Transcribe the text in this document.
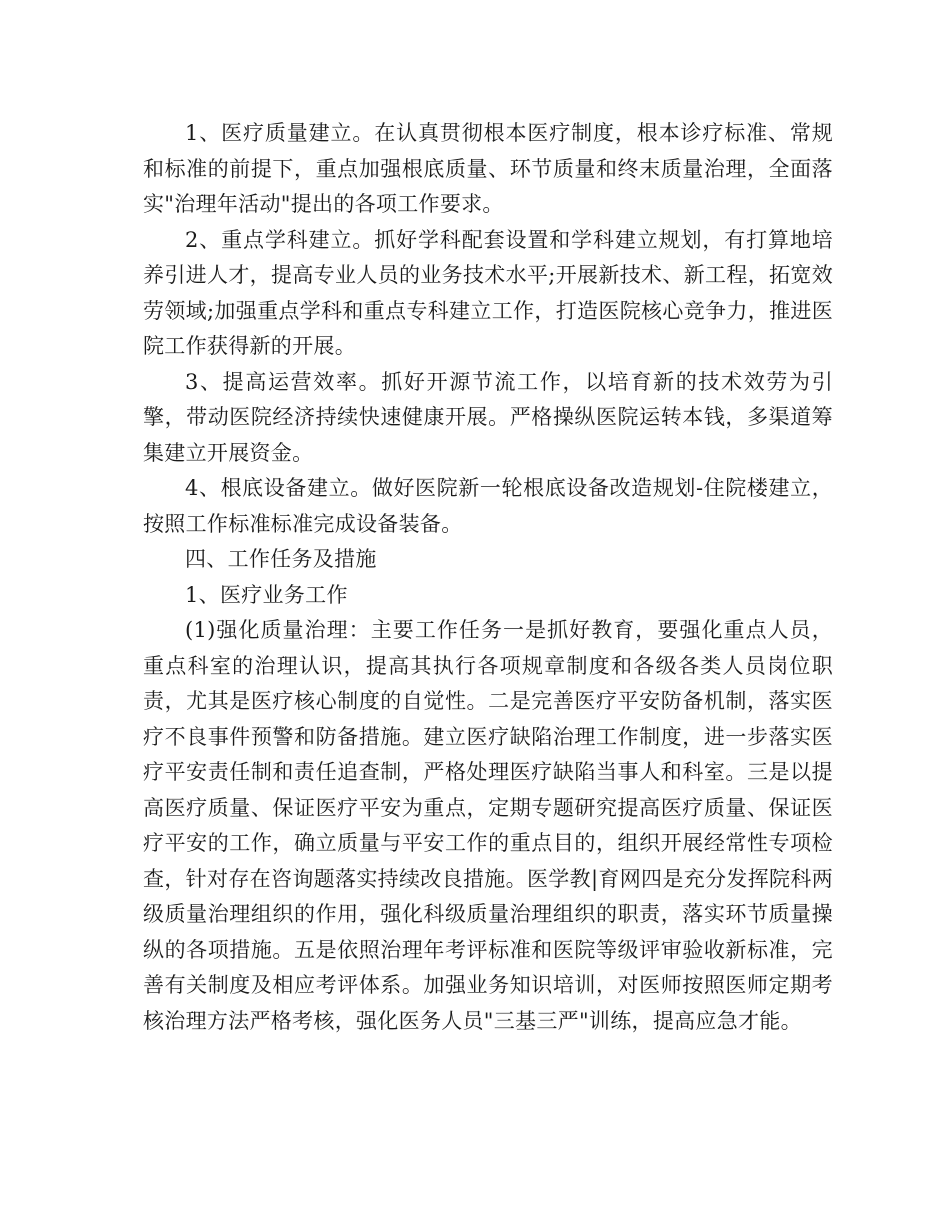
1、医疗质量建立。在认真贯彻根本医疗制度，根本诊疗标准、常规和标准的前提下，重点加强根底质量、环节质量和终末质量治理，全面落实"治理年活动"提出的各项工作要求。

2、重点学科建立。抓好学科配套设置和学科建立规划，有打算地培养引进人才，提高专业人员的业务技术水平;开展新技术、新工程，拓宽效劳领域;加强重点学科和重点专科建立工作，打造医院核心竞争力，推进医院工作获得新的开展。

3、提高运营效率。抓好开源节流工作，以培育新的技术效劳为引擎，带动医院经济持续快速健康开展。严格操纵医院运转本钱，多渠道筹集建立开展资金。

4、根底设备建立。做好医院新一轮根底设备改造规划-住院楼建立，按照工作标准标准完成设备装备。

四、工作任务及措施

1、医疗业务工作

(1)强化质量治理：主要工作任务一是抓好教育，要强化重点人员，重点科室的治理认识，提高其执行各项规章制度和各级各类人员岗位职责，尤其是医疗核心制度的自觉性。二是完善医疗平安防备机制，落实医疗不良事件预警和防备措施。建立医疗缺陷治理工作制度，进一步落实医疗平安责任制和责任追查制，严格处理医疗缺陷当事人和科室。三是以提高医疗质量、保证医疗平安为重点，定期专题研究提高医疗质量、保证医疗平安的工作，确立质量与平安工作的重点目的，组织开展经常性专项检查，针对存在咨询题落实持续改良措施。医学教|育网四是充分发挥院科两级质量治理组织的作用，强化科级质量治理组织的职责，落实环节质量操纵的各项措施。五是依照治理年考评标准和医院等级评审验收新标准，完善有关制度及相应考评体系。加强业务知识培训，对医师按照医师定期考核治理方法严格考核，强化医务人员"三基三严"训练，提高应急才能。
